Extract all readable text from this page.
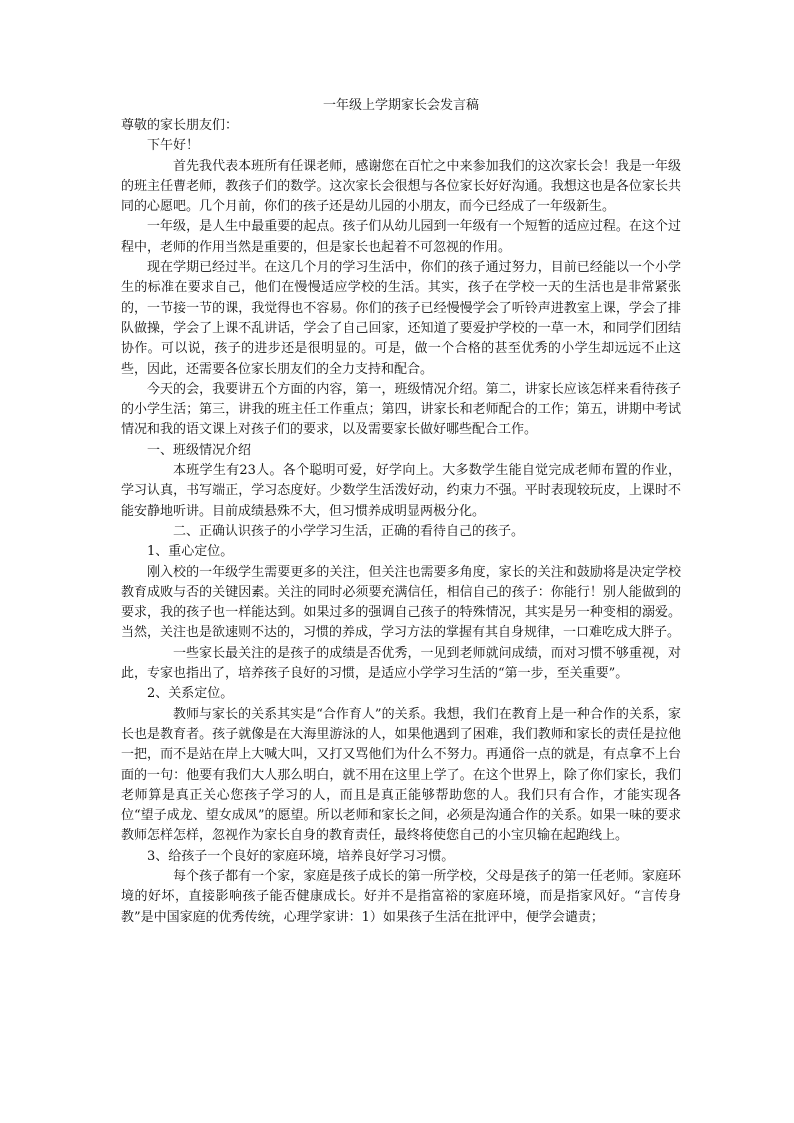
一年级上学期家长会发言稿

尊敬的家长朋友们：

下午好！

首先我代表本班所有任课老师，感谢您在百忙之中来参加我们的这次家长会！我是一年级的班主任曹老师，教孩子们的数学。这次家长会很想与各位家长好好沟通。我想这也是各位家长共同的心愿吧。几个月前，你们的孩子还是幼儿园的小朋友，而今已经成了一年级新生。

一年级，是人生中最重要的起点。孩子们从幼儿园到一年级有一个短暂的适应过程。在这个过程中，老师的作用当然是重要的，但是家长也起着不可忽视的作用。

现在学期已经过半。在这几个月的学习生活中，你们的孩子通过努力，目前已经能以一个小学生的标准在要求自己，他们在慢慢适应学校的生活。其实，孩子在学校一天的生活也是非常紧张的，一节接一节的课，我觉得也不容易。你们的孩子已经慢慢学会了听铃声进教室上课，学会了排队做操，学会了上课不乱讲话，学会了自己回家，还知道了要爱护学校的一草一木，和同学们团结协作。可以说，孩子的进步还是很明显的。可是，做一个合格的甚至优秀的小学生却远远不止这些，因此，还需要各位家长朋友们的全力支持和配合。

今天的会，我要讲五个方面的内容，第一，班级情况介绍。第二，讲家长应该怎样来看待孩子的小学生活；第三，讲我的班主任工作重点；第四，讲家长和老师配合的工作；第五，讲期中考试情况和我的语文课上对孩子们的要求，以及需要家长做好哪些配合工作。

一、班级情况介绍

本班学生有23人。各个聪明可爱，好学向上。大多数学生能自觉完成老师布置的作业，学习认真，书写端正，学习态度好。少数学生活泼好动，约束力不强。平时表现较玩皮，上课时不能安静地听讲。目前成绩悬殊不大，但习惯养成明显两极分化。

二、正确认识孩子的小学学习生活，正确的看待自己的孩子。

1、重心定位。

刚入校的一年级学生需要更多的关注，但关注也需要多角度，家长的关注和鼓励将是决定学校教育成败与否的关键因素。关注的同时必须要充满信任，相信自己的孩子：你能行！别人能做到的要求，我的孩子也一样能达到。如果过多的强调自己孩子的特殊情况，其实是另一种变相的溺爱。当然，关注也是欲速则不达的，习惯的养成，学习方法的掌握有其自身规律，一口难吃成大胖子。

一些家长最关注的是孩子的成绩是否优秀，一见到老师就问成绩，而对习惯不够重视，对此，专家也指出了，培养孩子良好的习惯，是适应小学学习生活的“第一步，至关重要”。

2、关系定位。

教师与家长的关系其实是“合作育人”的关系。我想，我们在教育上是一种合作的关系，家长也是教育者。孩子就像是在大海里游泳的人，如果他遇到了困难，我们教师和家长的责任是拉他一把，而不是站在岸上大喊大叫，又打又骂他们为什么不努力。再通俗一点的就是，有点拿不上台面的一句：他要有我们大人那么明白，就不用在这里上学了。在这个世界上，除了你们家长，我们老师算是真正关心您孩子学习的人，而且是真正能够帮助您的人。我们只有合作，才能实现各位“望子成龙、望女成凤”的愿望。所以老师和家长之间，必须是沟通合作的关系。如果一味的要求教师怎样怎样，忽视作为家长自身的教育责任，最终将使您自己的小宝贝输在起跑线上。

3、给孩子一个良好的家庭环境，培养良好学习习惯。

每个孩子都有一个家，家庭是孩子成长的第一所学校，父母是孩子的第一任老师。家庭环境的好坏，直接影响孩子能否健康成长。好并不是指富裕的家庭环境，而是指家风好。“言传身教”是中国家庭的优秀传统，心理学家讲：1）如果孩子生活在批评中，便学会谴责；
